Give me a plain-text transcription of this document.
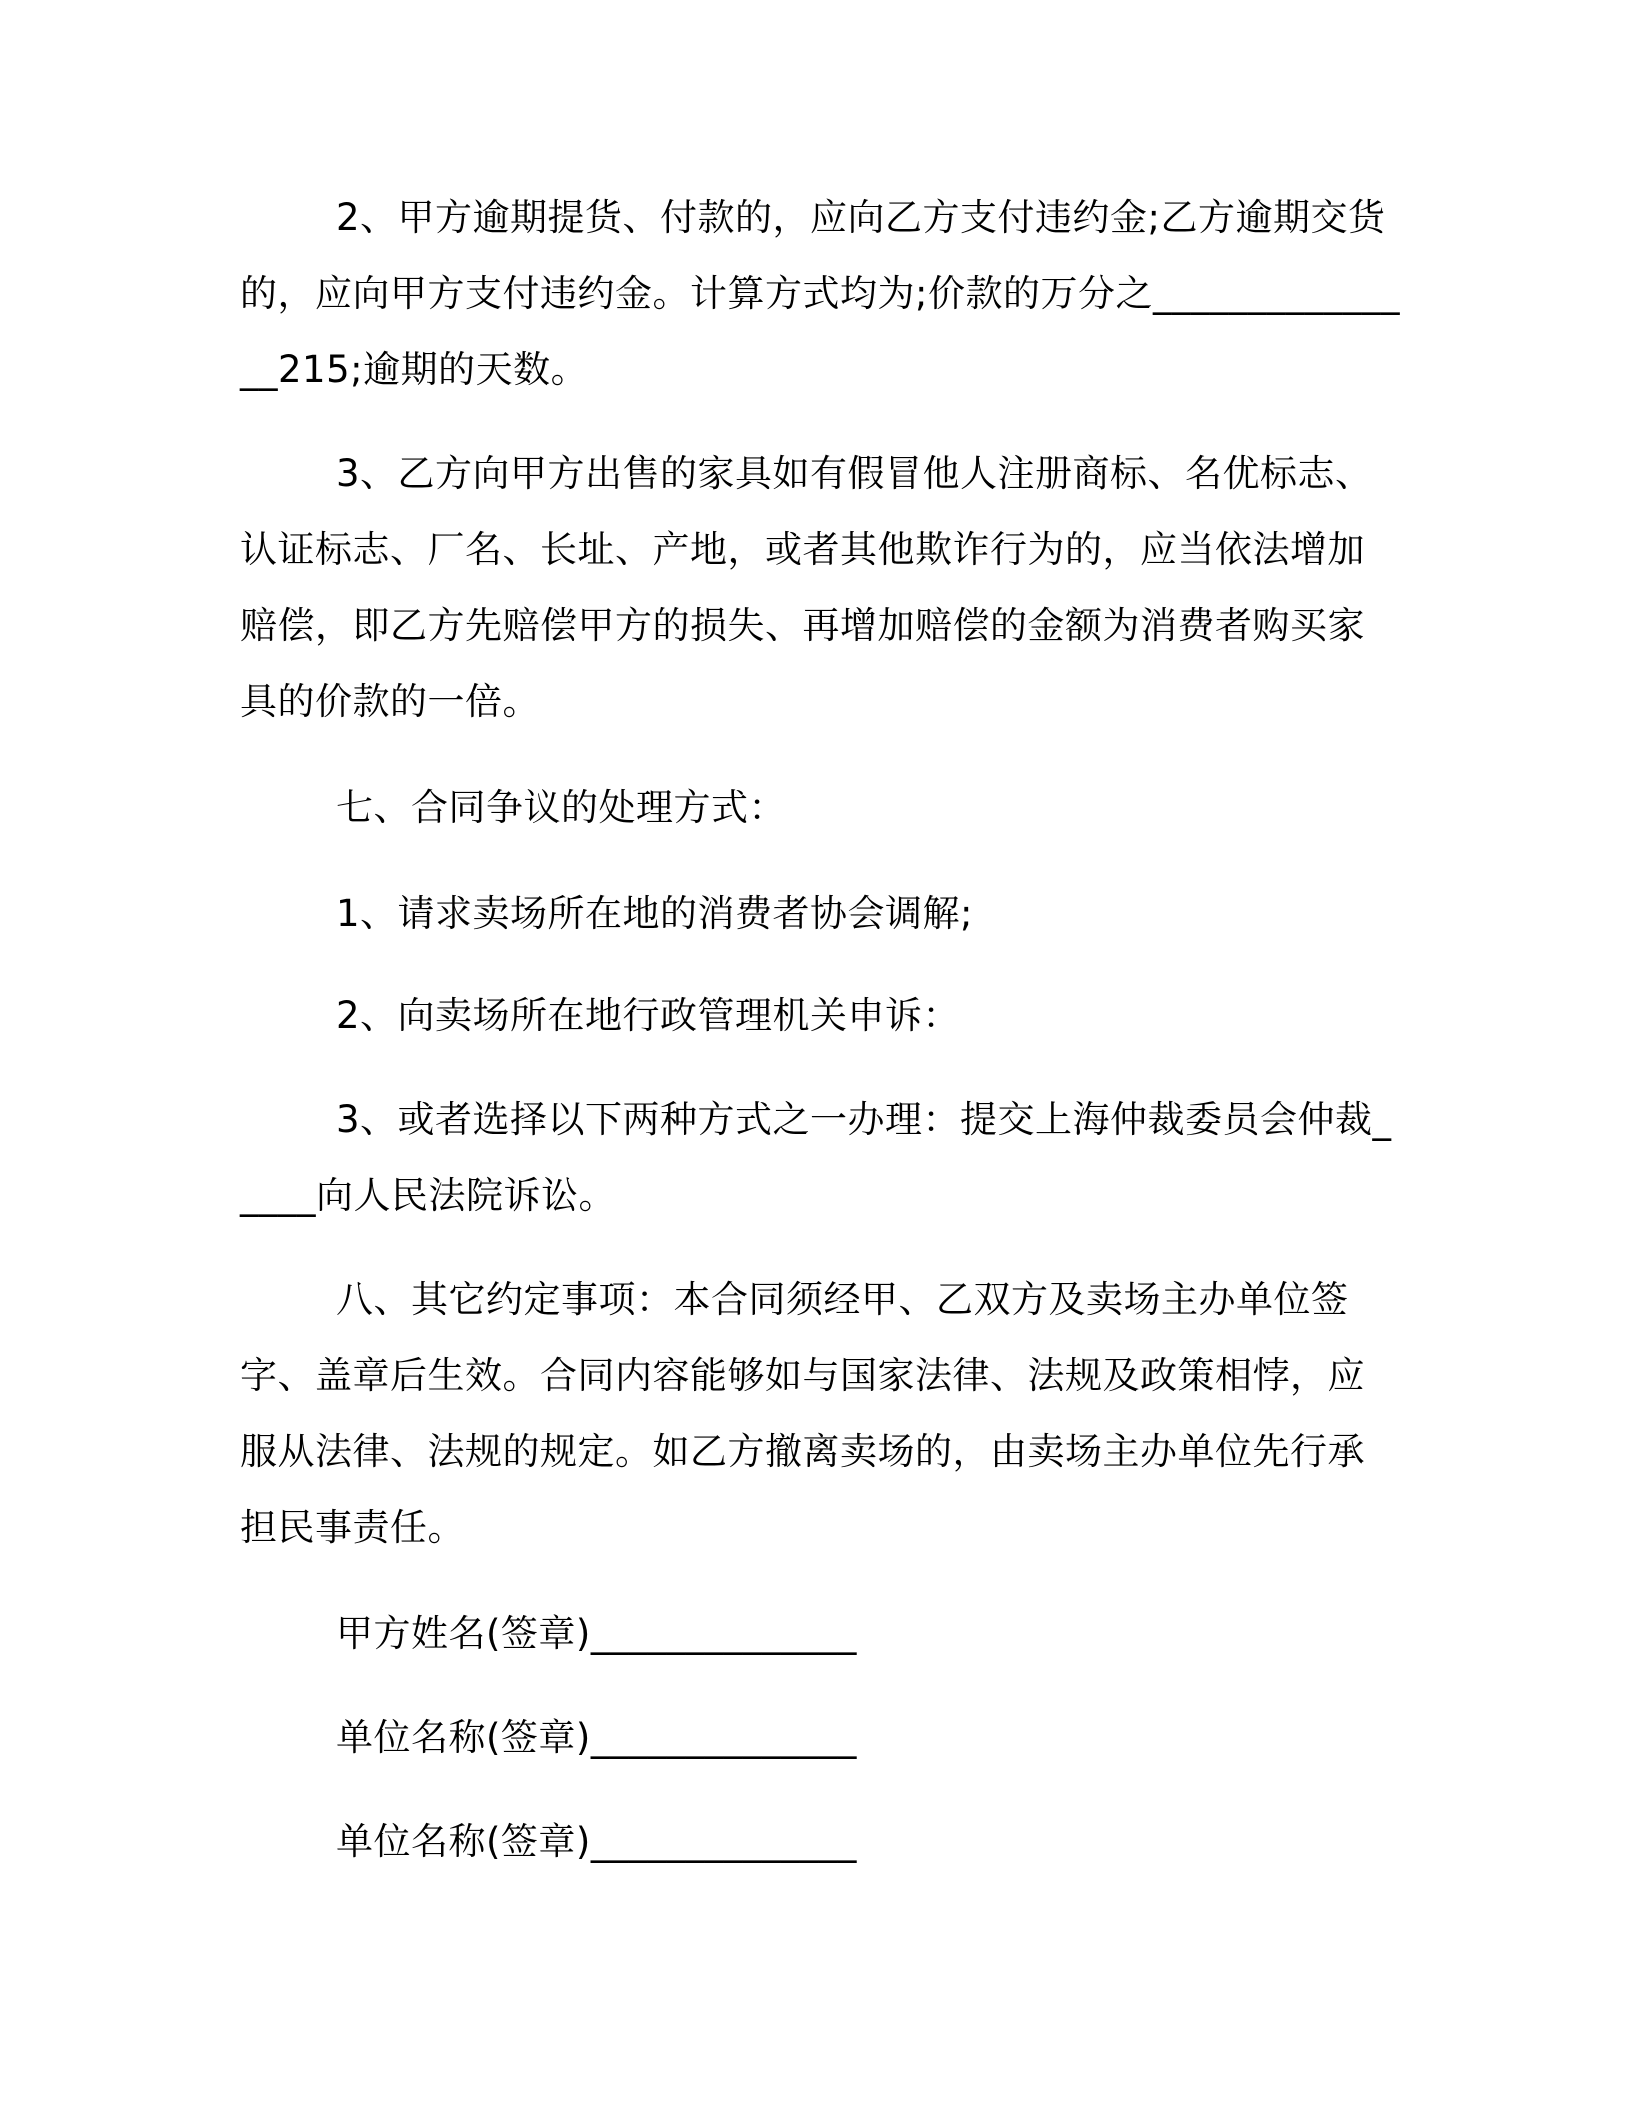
2、甲方逾期提货、付款的，应向乙方支付违约金;乙方逾期交货的，应向甲方支付违约金。计算方式均为;价款的万分之_______________215;逾期的天数。

3、乙方向甲方出售的家具如有假冒他人注册商标、名优标志、认证标志、厂名、长址、产地，或者其他欺诈行为的，应当依法增加赔偿，即乙方先赔偿甲方的损失、再增加赔偿的金额为消费者购买家具的价款的一倍。

七、合同争议的处理方式：

1、请求卖场所在地的消费者协会调解;

2、向卖场所在地行政管理机关申诉：

3、或者选择以下两种方式之一办理：提交上海仲裁委员会仲裁_____向人民法院诉讼。

八、其它约定事项：本合同须经甲、乙双方及卖场主办单位签字、盖章后生效。合同内容能够如与国家法律、法规及政策相悖，应服从法律、法规的规定。如乙方撤离卖场的，由卖场主办单位先行承担民事责任。

甲方姓名(签章)______________

单位名称(签章)______________

单位名称(签章)______________
